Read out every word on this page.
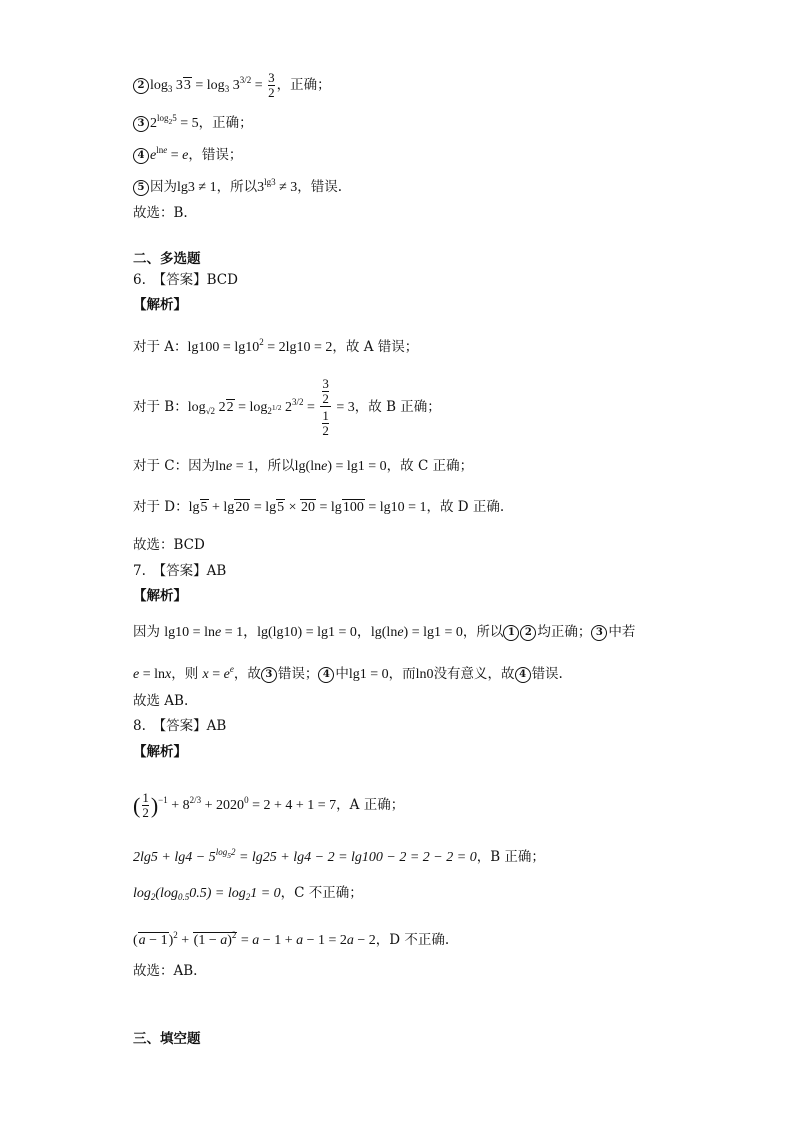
2 $\log_3 33 = \log_3 3^{3/2} = \frac{3}{2}$ ，正确；
3 $2^{log_25} = 5$，正确；
4 $e^{lne} = e$，错误；
5 因为lg3 ≠ 1，所以$3^{lg3} \ne 3$，错误.
故选：B.
二、多选题
6.　【答案】BCD
【解析】
对于 A：$\lg 100 = \lg 10^2 = 2\lg 10 = 2$，故 A 错误；
对于 B：$\log_{√2} 22 = \log_{2^{1/2}} 2^{3/2} = \frac{\frac{3}{2}}{\frac{1}{2}} = 3$，故 B 正确；
对于 C：因为lne = 1，所以lg(lne) = lg1 = 0，故 C 正确；
对于 D：lg5 + lg20 = lg5 × 20 = lg100 = lg10 = 1，故 D 正确.
故选：BCD
7.　【答案】AB
【解析】
因为 lg10 = lne = 1，lg(lg10) = lg1 = 0，lg(lne) = lg1 = 0，所以 1 2 均正确； 3 中若
e = lnx，则 $x = e^e$，故 3 错误； 4 中lg1 = 0，而ln0没有意义，故 4 错误.
故选 AB.
8.　【答案】AB
【解析】
( $\frac{1}{2} )^{-1} + 8^{2/3} + 2020^0 = 2 + 4 + 1 = 7$，A 正确；
$2\lg 5 + \lg 4 - 5^{log_52} = \lg 25 + \lg 4 - 2 = \lg 100 - 2 = 2 - 2 = 0$，B 正确；
$\log_2(\log_{0.5}0.5) = \log_21 = 0$，C 不正确；
$(a - 1)^2 + (1 - a)^2 = a - 1 + a - 1 = 2a - 2$，D 不正确.
故选：AB.
三、填空题
